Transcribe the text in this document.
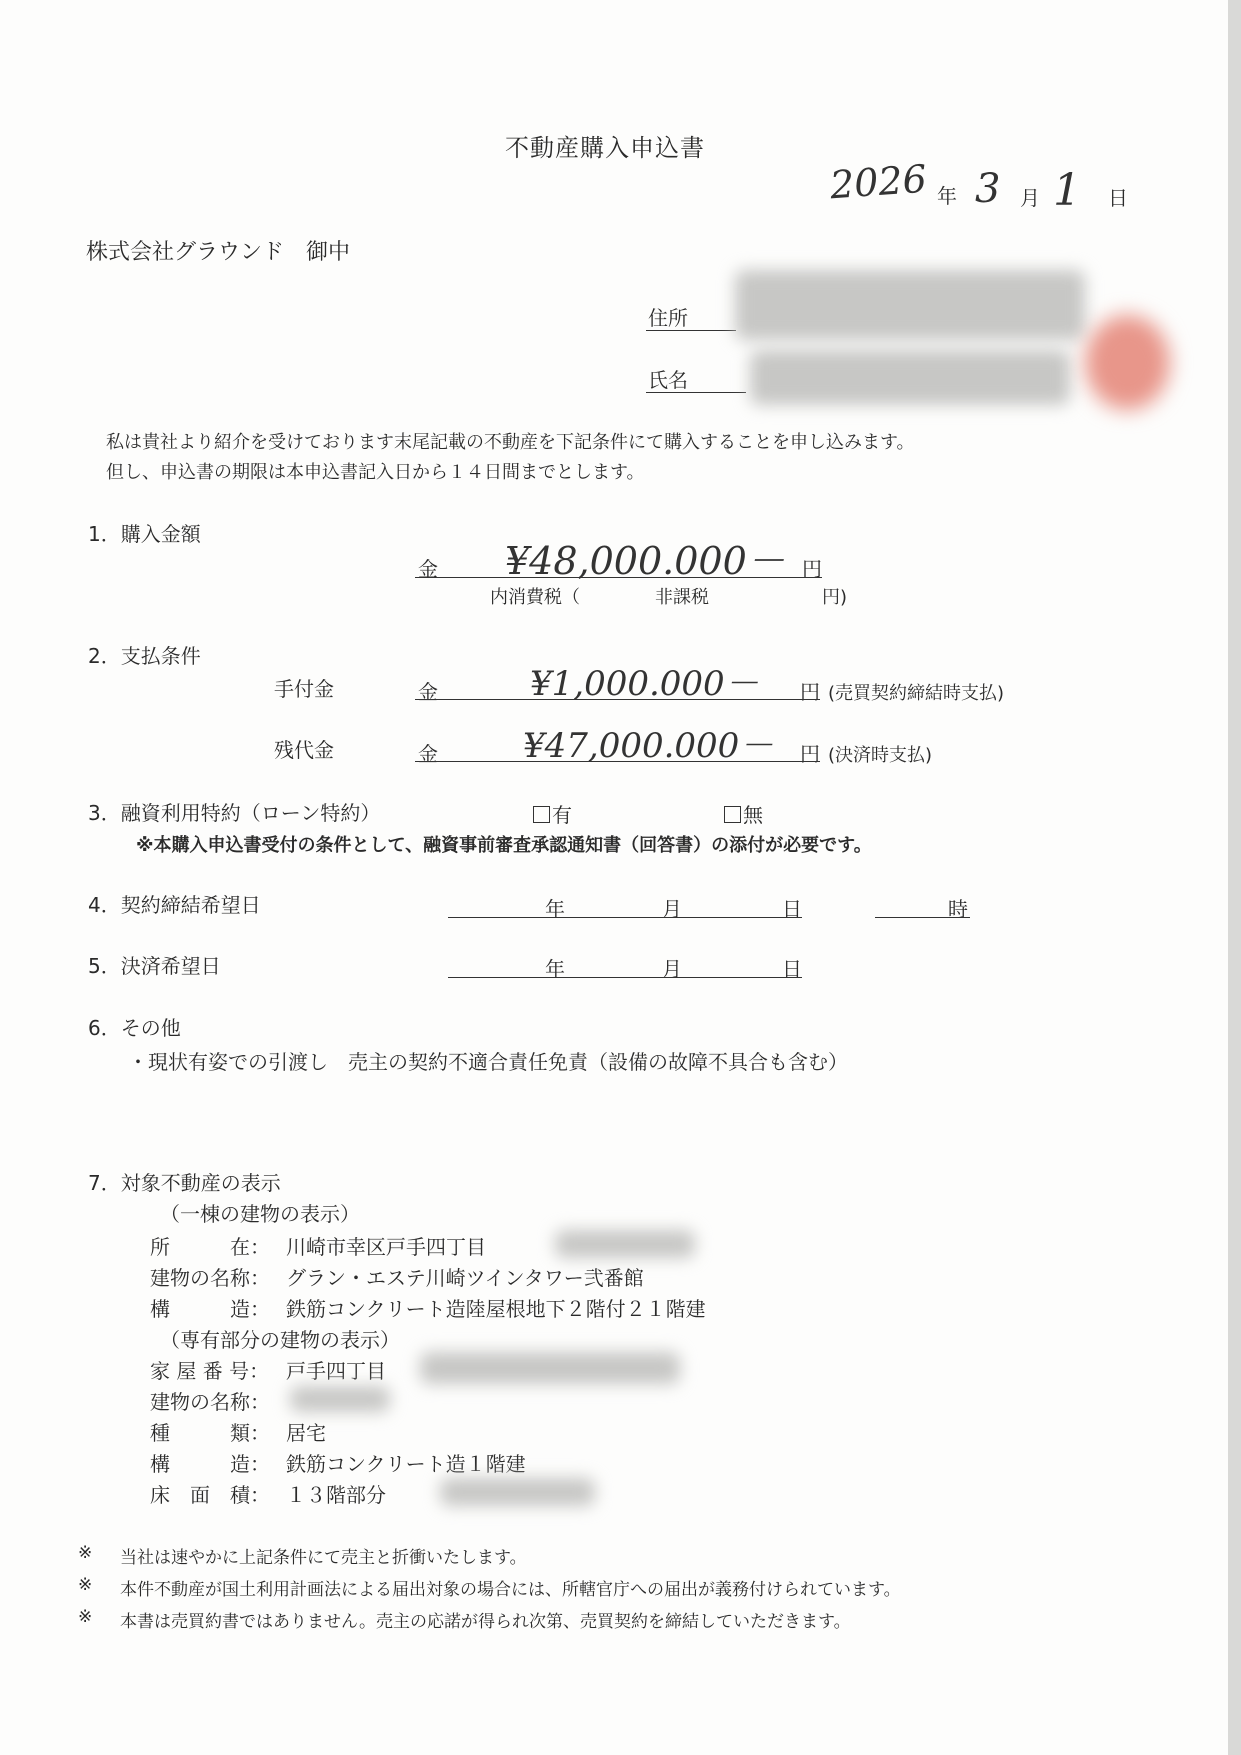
不動産購入申込書
2026 年 3 月 1 日
株式会社グラウンド　御中
住所
氏名
私は貴社より紹介を受けております末尾記載の不動産を下記条件にて購入することを申し込みます。
但し、申込書の期限は本申込書記入日から１４日間までとします。
1．購入金額
金 ¥48,000.000－ 円
内消費税（	非課税	円)
2．支払条件
手付金	金	¥1,000.000－ 円 (売買契約締結時支払)
残代金	金	¥47,000.000－ 円 (決済時支払)
3．融資利用特約（ローン特約）	有	無
※本購入申込書受付の条件として、融資事前審査承認通知書（回答書）の添付が必要です。
4．契約締結希望日	年	月	日	時
5．決済希望日	年	月	日
6．その他
・現状有姿での引渡し　売主の契約不適合責任免責（設備の故障不具合も含む）
7．対象不動産の表示
（一棟の建物の表示）
所　　　在： 川崎市幸区戸手四丁目
建物の名称： グラン・エステ川崎ツインタワー弐番館
構　　　造： 鉄筋コンクリート造陸屋根地下２階付２１階建
（専有部分の建物の表示）
家 屋 番 号： 戸手四丁目
建物の名称：
種　　　類： 居宅
構　　　造： 鉄筋コンクリート造１階建
床　面　積： １３階部分
※ 当社は速やかに上記条件にて売主と折衝いたします。
※ 本件不動産が国土利用計画法による届出対象の場合には、所轄官庁への届出が義務付けられています。
※ 本書は売買約書ではありません。売主の応諾が得られ次第、売買契約を締結していただきます。
